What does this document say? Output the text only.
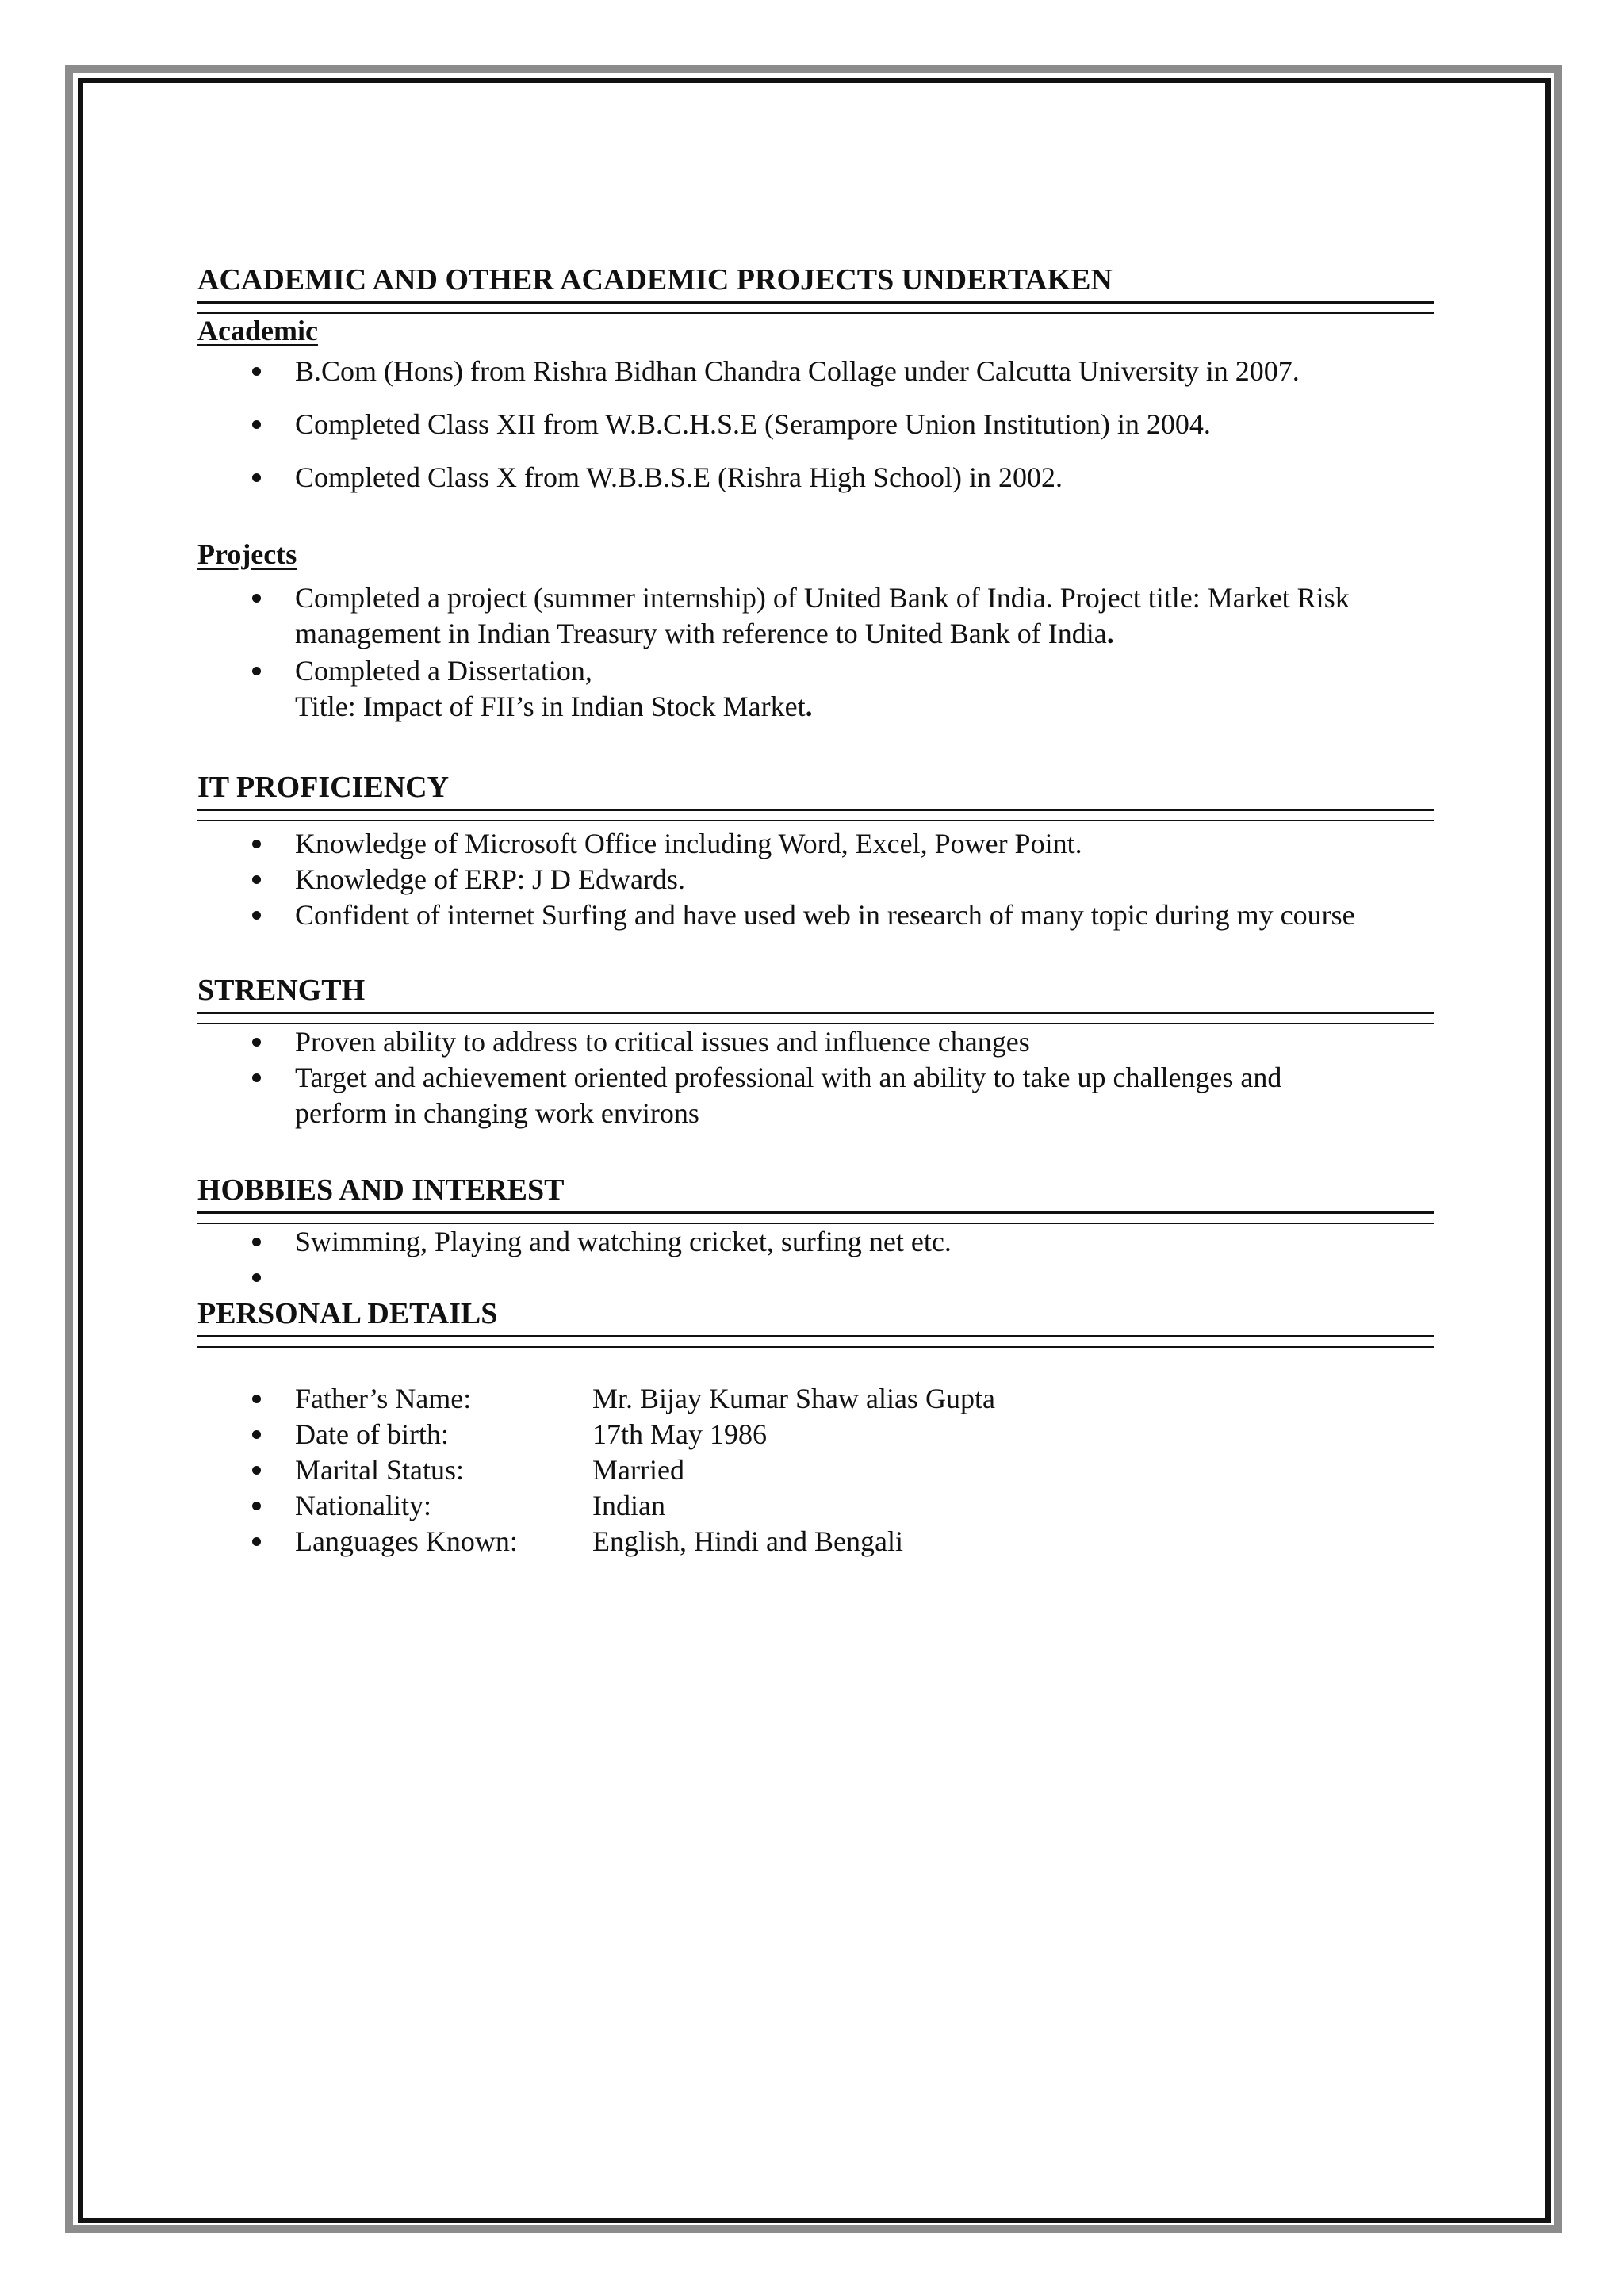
ACADEMIC AND OTHER ACADEMIC PROJECTS UNDERTAKEN
Academic
B.Com (Hons) from Rishra Bidhan Chandra Collage under Calcutta University in 2007.
Completed Class XII from W.B.C.H.S.E (Serampore Union Institution) in 2004.
Completed Class X from W.B.B.S.E (Rishra High School) in 2002.
Projects
Completed a project (summer internship) of United Bank of India. Project title: Market Risk
management in Indian Treasury with reference to United Bank of India.
Completed a Dissertation,
Title: Impact of FII’s in Indian Stock Market.
IT PROFICIENCY
Knowledge of Microsoft Office including Word, Excel, Power Point.
Knowledge of ERP: J D Edwards.
Confident of internet Surfing and have used web in research of many topic during my course
STRENGTH
Proven ability to address to critical issues and influence changes
Target and achievement oriented professional with an ability to take up challenges and
perform in changing work environs
HOBBIES AND INTEREST
Swimming, Playing and watching cricket, surfing net etc.
PERSONAL DETAILS
Father’s Name:	Mr. Bijay Kumar Shaw alias Gupta
Date of birth:	17th May 1986
Marital Status:	Married
Nationality:	Indian
Languages Known:	English, Hindi and Bengali
